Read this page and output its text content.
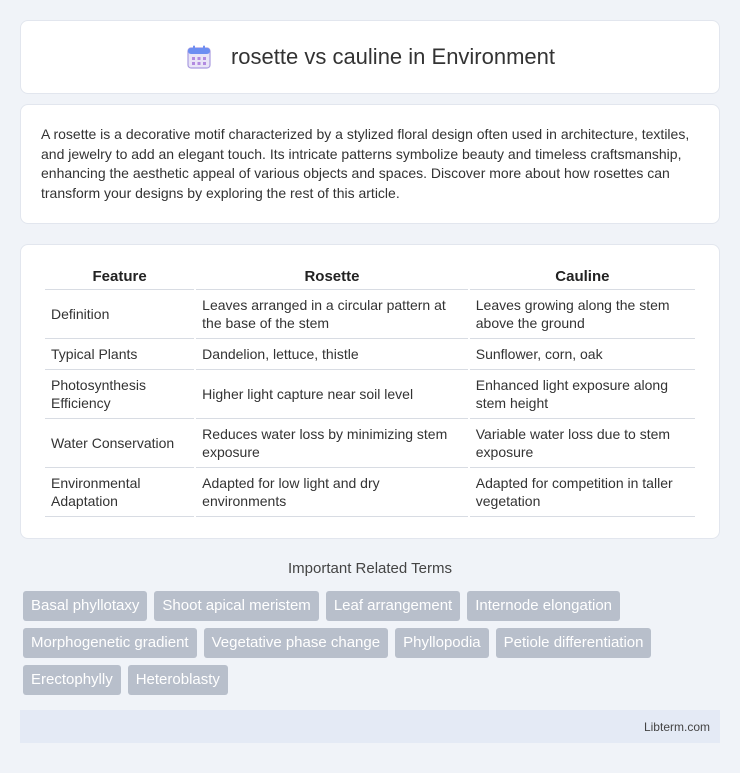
rosette vs cauline in Environment

A rosette is a decorative motif characterized by a stylized floral design often used in architecture, textiles, and jewelry to add an elegant touch. Its intricate patterns symbolize beauty and timeless craftsmanship, enhancing the aesthetic appeal of various objects and spaces. Discover more about how rosettes can transform your designs by exploring the rest of this article.

Feature	Rosette	Cauline
Definition	Leaves arranged in a circular pattern at the base of the stem	Leaves growing along the stem above the ground
Typical Plants	Dandelion, lettuce, thistle	Sunflower, corn, oak
Photosynthesis Efficiency	Higher light capture near soil level	Enhanced light exposure along stem height
Water Conservation	Reduces water loss by minimizing stem exposure	Variable water loss due to stem exposure
Environmental Adaptation	Adapted for low light and dry environments	Adapted for competition in taller vegetation
Important Related Terms
Basal phyllotaxy	Shoot apical meristem	Leaf arrangement	Internode elongation
Morphogenetic gradient	Vegetative phase change	Phyllopodia	Petiole differentiation
Erectophylly	Heteroblasty
Libterm.com
